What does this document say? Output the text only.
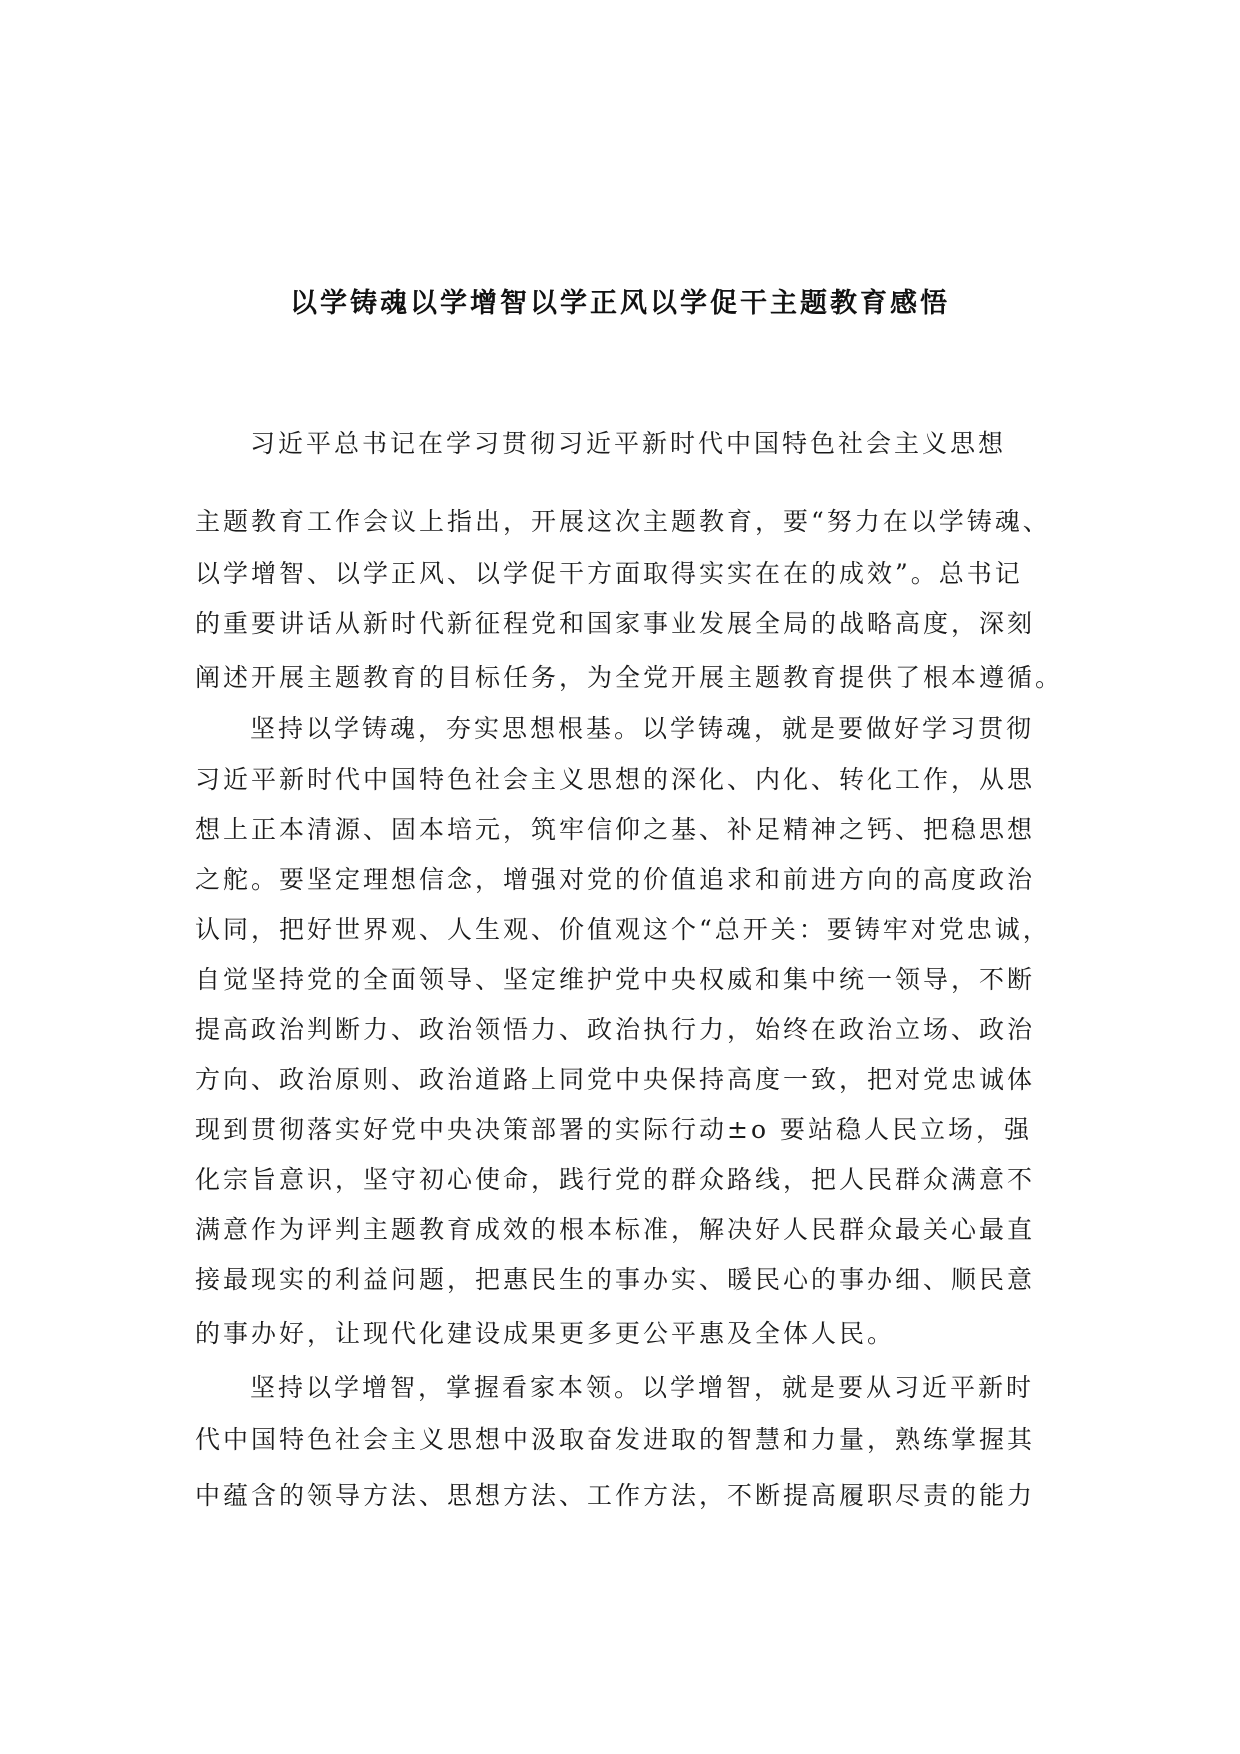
以学铸魂以学增智以学正风以学促干主题教育感悟
习近平总书记在学习贯彻习近平新时代中国特色社会主义思想
主题教育工作会议上指出，开展这次主题教育，要“努力在以学铸魂、
以学增智、以学正风、以学促干方面取得实实在在的成效”。总书记
的重要讲话从新时代新征程党和国家事业发展全局的战略高度，深刻
阐述开展主题教育的目标任务，为全党开展主题教育提供了根本遵循。
坚持以学铸魂，夯实思想根基。以学铸魂，就是要做好学习贯彻
习近平新时代中国特色社会主义思想的深化、内化、转化工作，从思
想上正本清源、固本培元，筑牢信仰之基、补足精神之钙、把稳思想
之舵。要坚定理想信念，增强对党的价值追求和前进方向的高度政治
认同，把好世界观、人生观、价值观这个“总开关：要铸牢对党忠诚，
自觉坚持党的全面领导、坚定维护党中央权威和集中统一领导，不断
提高政治判断力、政治领悟力、政治执行力，始终在政治立场、政治
方向、政治原则、政治道路上同党中央保持高度一致，把对党忠诚体
现到贯彻落实好党中央决策部署的实际行动±o 要站稳人民立场，强
化宗旨意识，坚守初心使命，践行党的群众路线，把人民群众满意不
满意作为评判主题教育成效的根本标准，解决好人民群众最关心最直
接最现实的利益问题，把惠民生的事办实、暖民心的事办细、顺民意
的事办好，让现代化建设成果更多更公平惠及全体人民。
坚持以学增智，掌握看家本领。以学增智，就是要从习近平新时
代中国特色社会主义思想中汲取奋发进取的智慧和力量，熟练掌握其
中蕴含的领导方法、思想方法、工作方法，不断提高履职尽责的能力
